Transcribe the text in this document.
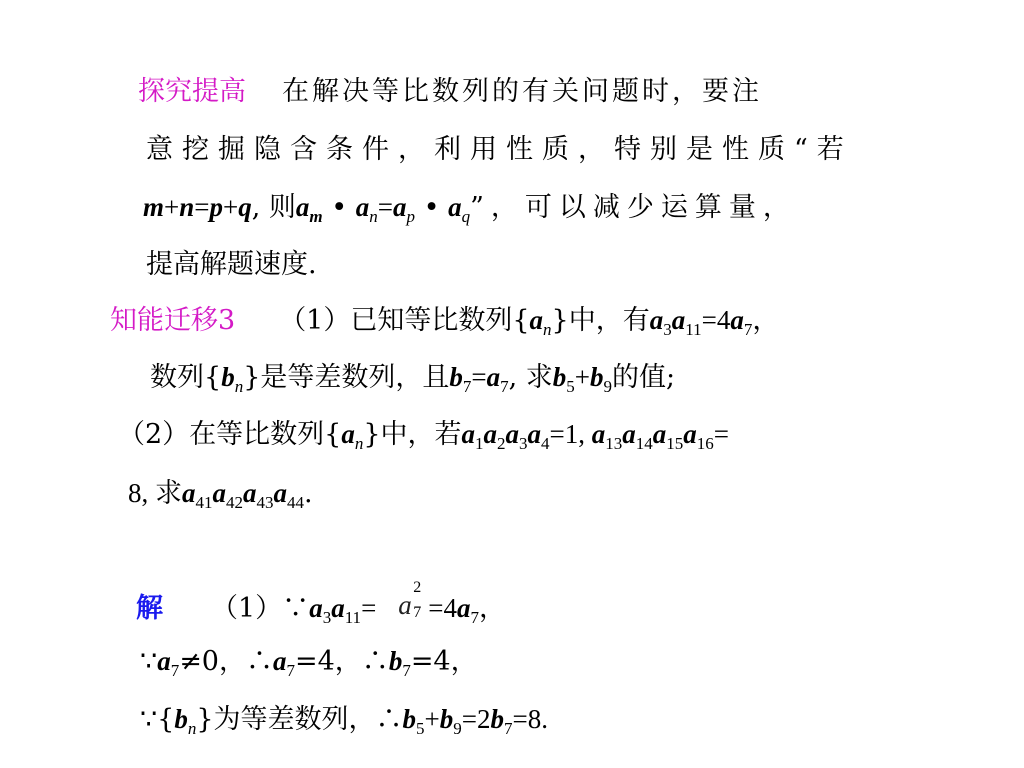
探究提高 在解决等比数列的有关问题时，要注
意挖掘隐含条件，利用性质，特别是性质“若
m+n=p+q, 则$a_m$ • $a_n=a_p$ • $a_q$”，可以减少运算量，
提高解题速度.
知能迁移3 （1）已知等比数列$\{a_n\}$中，有$a_3a_{11}=4a_7$，
数列$\{b_n\}$是等差数列，且$b_7=a_7$, 求$b_5+b_9$的值;
（2）在等比数列$\{a_n\}$中，若$a_1a_2a_3a_4=1$, $a_{13}a_{14}a_{15}a_{16}=$
8, 求$a_{41}a_{42}a_{43}a_{44}$.
解 $(1)\because a_3a_{11}= a$
2
$7 =4a_7$，
$\because a_7\ne 0$，$\therefore a_7=4$，$\therefore b_7=4$，
$\because\{b_n\}$为等差数列，$\therefore b_5+b_9=2b_7=8$.
